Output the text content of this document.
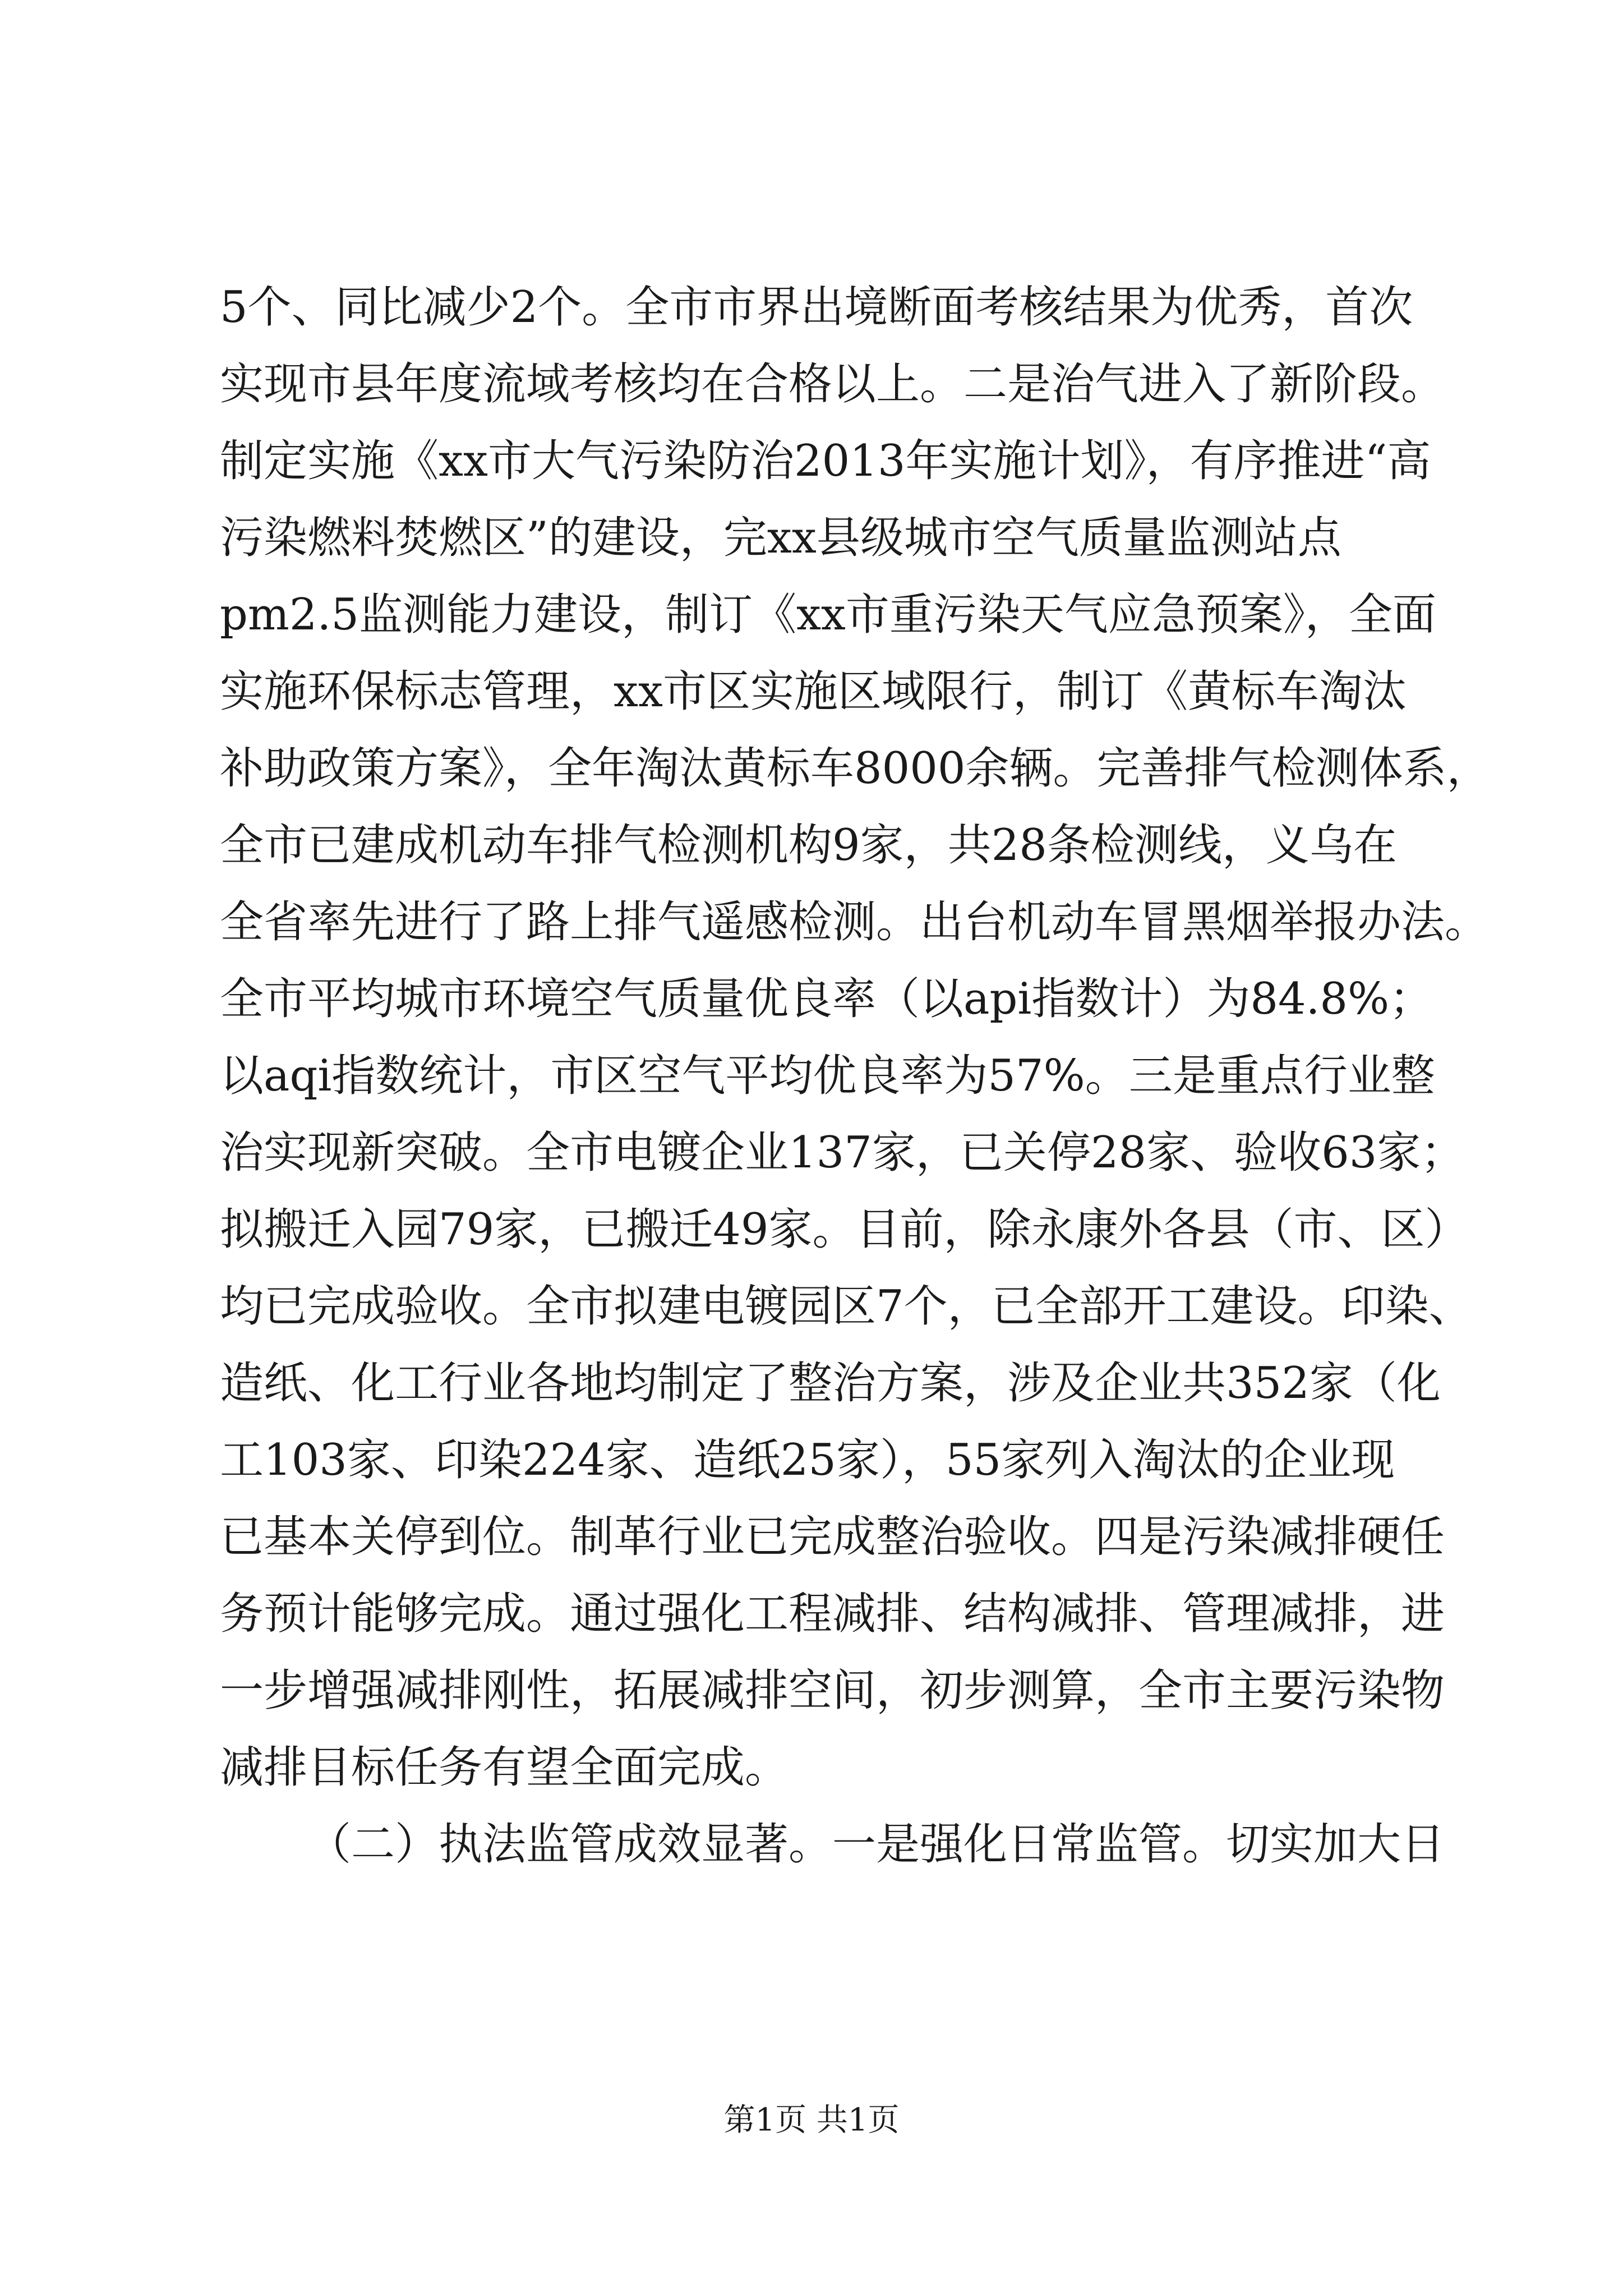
5个、同比减少2个。全市市界出境断面考核结果为优秀，首次
实现市县年度流域考核均在合格以上。二是治气进入了新阶段。
制定实施《xx市大气污染防治2013年实施计划》，有序推进“高
污染燃料焚燃区”的建设，完xx县级城市空气质量监测站点
pm2.5监测能力建设，制订《xx市重污染天气应急预案》，全面
实施环保标志管理，xx市区实施区域限行，制订《黄标车淘汰
补助政策方案》，全年淘汰黄标车8000余辆。完善排气检测体系，
全市已建成机动车排气检测机构9家，共28条检测线，义乌在
全省率先进行了路上排气遥感检测。出台机动车冒黑烟举报办法。
全市平均城市环境空气质量优良率（以api指数计）为84.8%；
以aqi指数统计，市区空气平均优良率为57%。三是重点行业整
治实现新突破。全市电镀企业137家，已关停28家、验收63家；
拟搬迁入园79家，已搬迁49家。目前，除永康外各县（市、区）
均已完成验收。全市拟建电镀园区7个，已全部开工建设。印染、
造纸、化工行业各地均制定了整治方案，涉及企业共352家（化
工103家、印染224家、造纸25家），55家列入淘汰的企业现
已基本关停到位。制革行业已完成整治验收。四是污染减排硬任
务预计能够完成。通过强化工程减排、结构减排、管理减排，进
一步增强减排刚性，拓展减排空间，初步测算，全市主要污染物
减排目标任务有望全面完成。
（二）执法监管成效显著。一是强化日常监管。切实加大日
第1页 共1页
